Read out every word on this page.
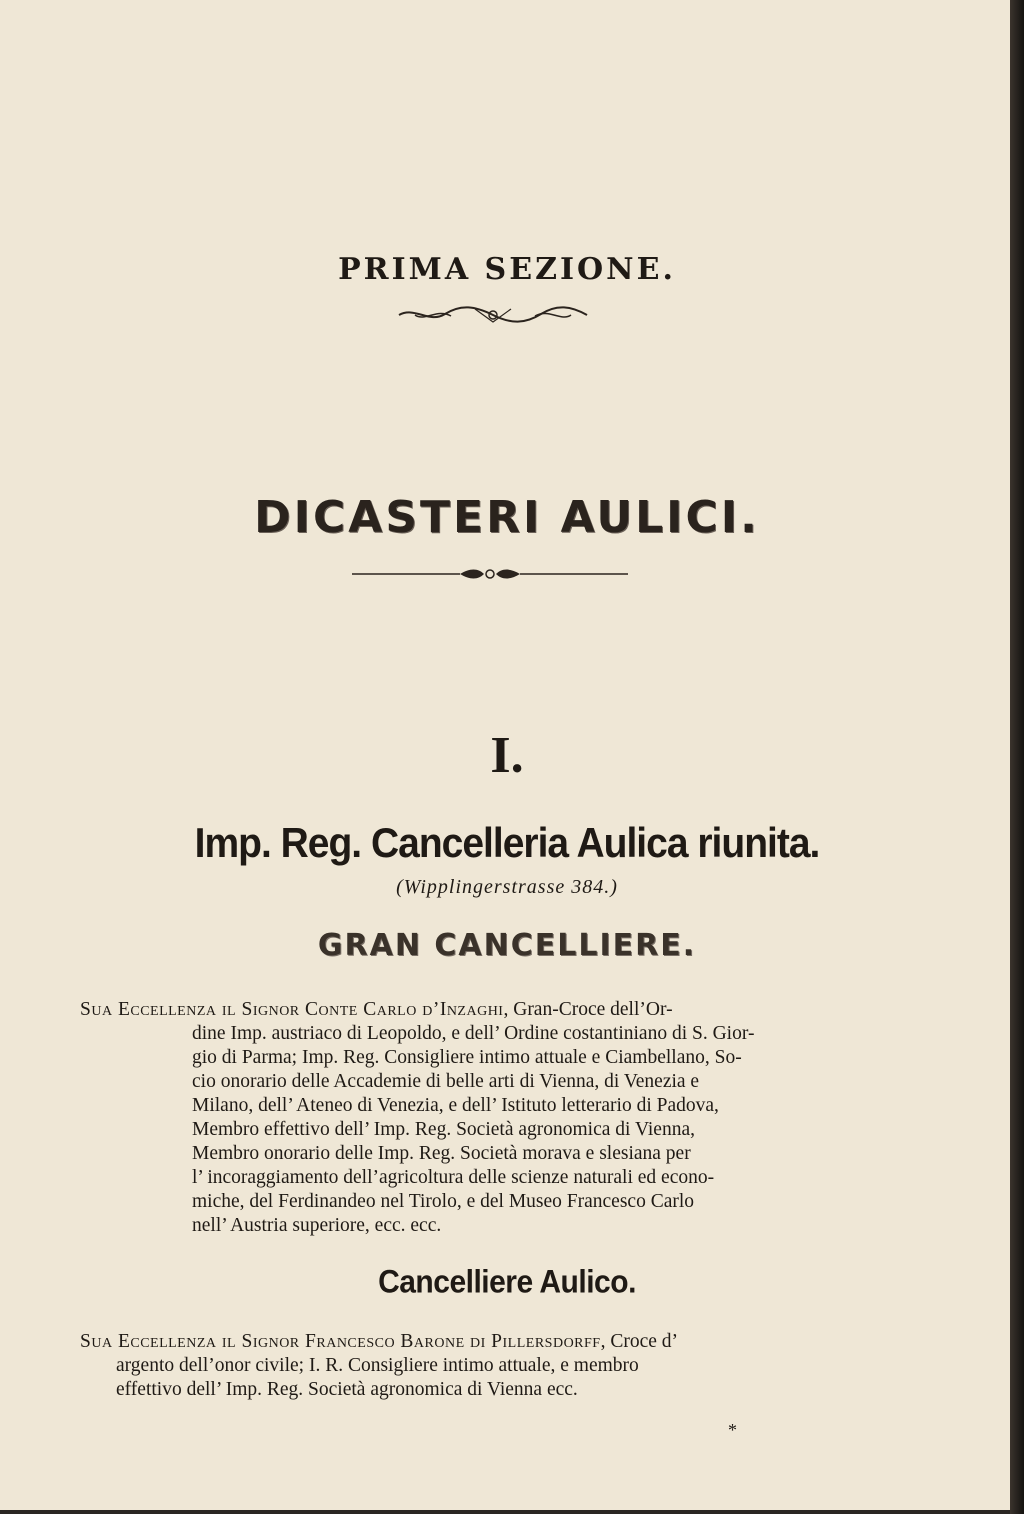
PRIMA SEZIONE.
DICASTERI AULICI.
I.
Imp. Reg. Cancelleria Aulica riunita.
(Wipplingerstrasse 384.)
GRAN CANCELLIERE.
Sua Eccellenza il Signor Conte Carlo d’Inzaghi, Gran-Croce dell’Or-
dine Imp. austriaco di Leopoldo, e dell’ Ordine costantiniano di S. Gior-
gio di Parma; Imp. Reg. Consigliere intimo attuale e Ciambellano, So-
cio onorario delle Accademie di belle arti di Vienna, di Venezia e
Milano, dell’ Ateneo di Venezia, e dell’ Istituto letterario di Padova,
Membro effettivo dell’ Imp. Reg. Società agronomica di Vienna,
Membro onorario delle Imp. Reg. Società morava e slesiana per
l’ incoraggiamento dell’agricoltura delle scienze naturali ed econo-
miche, del Ferdinandeo nel Tirolo, e del Museo Francesco Carlo
nell’ Austria superiore, ecc. ecc.
Cancelliere Aulico.
Sua Eccellenza il Signor Francesco Barone di Pillersdorff, Croce d’
argento dell’onor civile; I. R. Consigliere intimo attuale, e membro
effettivo dell’ Imp. Reg. Società agronomica di Vienna ecc.
*
